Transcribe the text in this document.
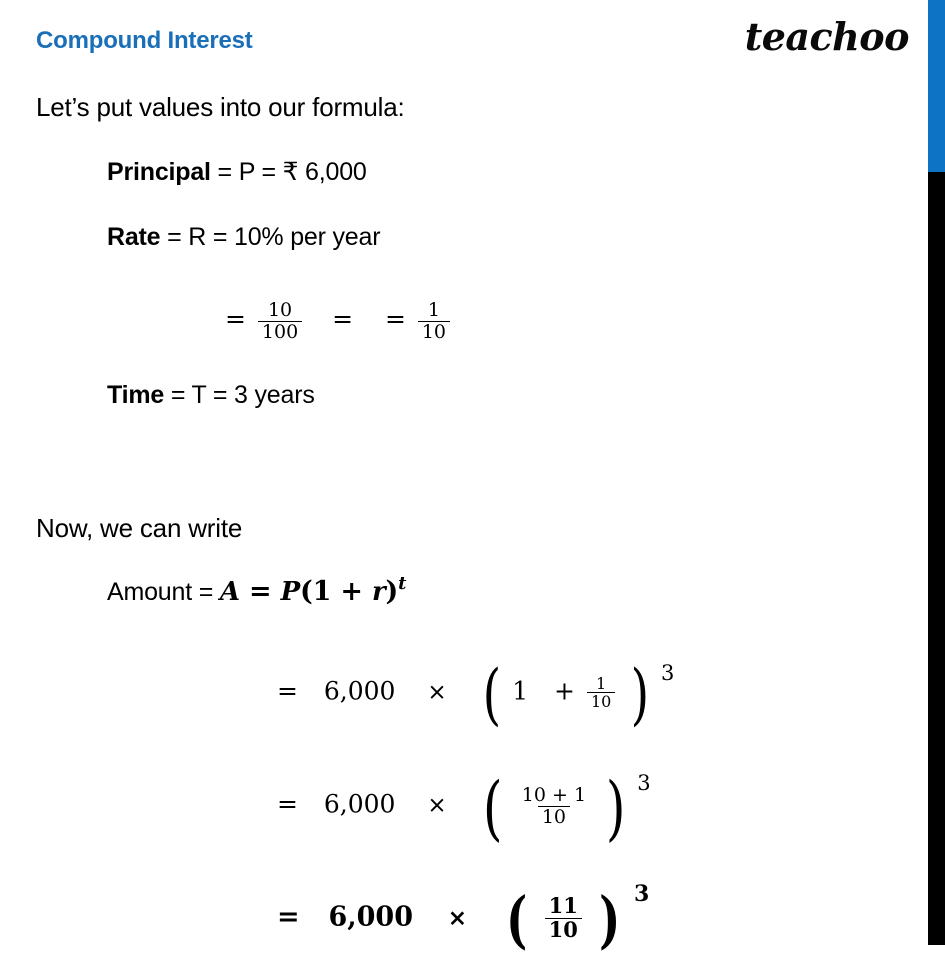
teachoo
Compound Interest
Let’s put values into our formula:
Principal = P = ₹ 6,000
Rate = R = 10% per year
= $\frac{10}{100}$ = = $\frac{1}{10}$
Time = T = 3 years
Now, we can write
Amount = A = P(1 + r)t
= 6,000 × ( $1 + \frac{1}{10}$ ) 3
= 6,000 × ( $\frac{10 + 1}{10}$ ) 3
= 6,000 × ( $\frac{11}{10}$ ) 3
